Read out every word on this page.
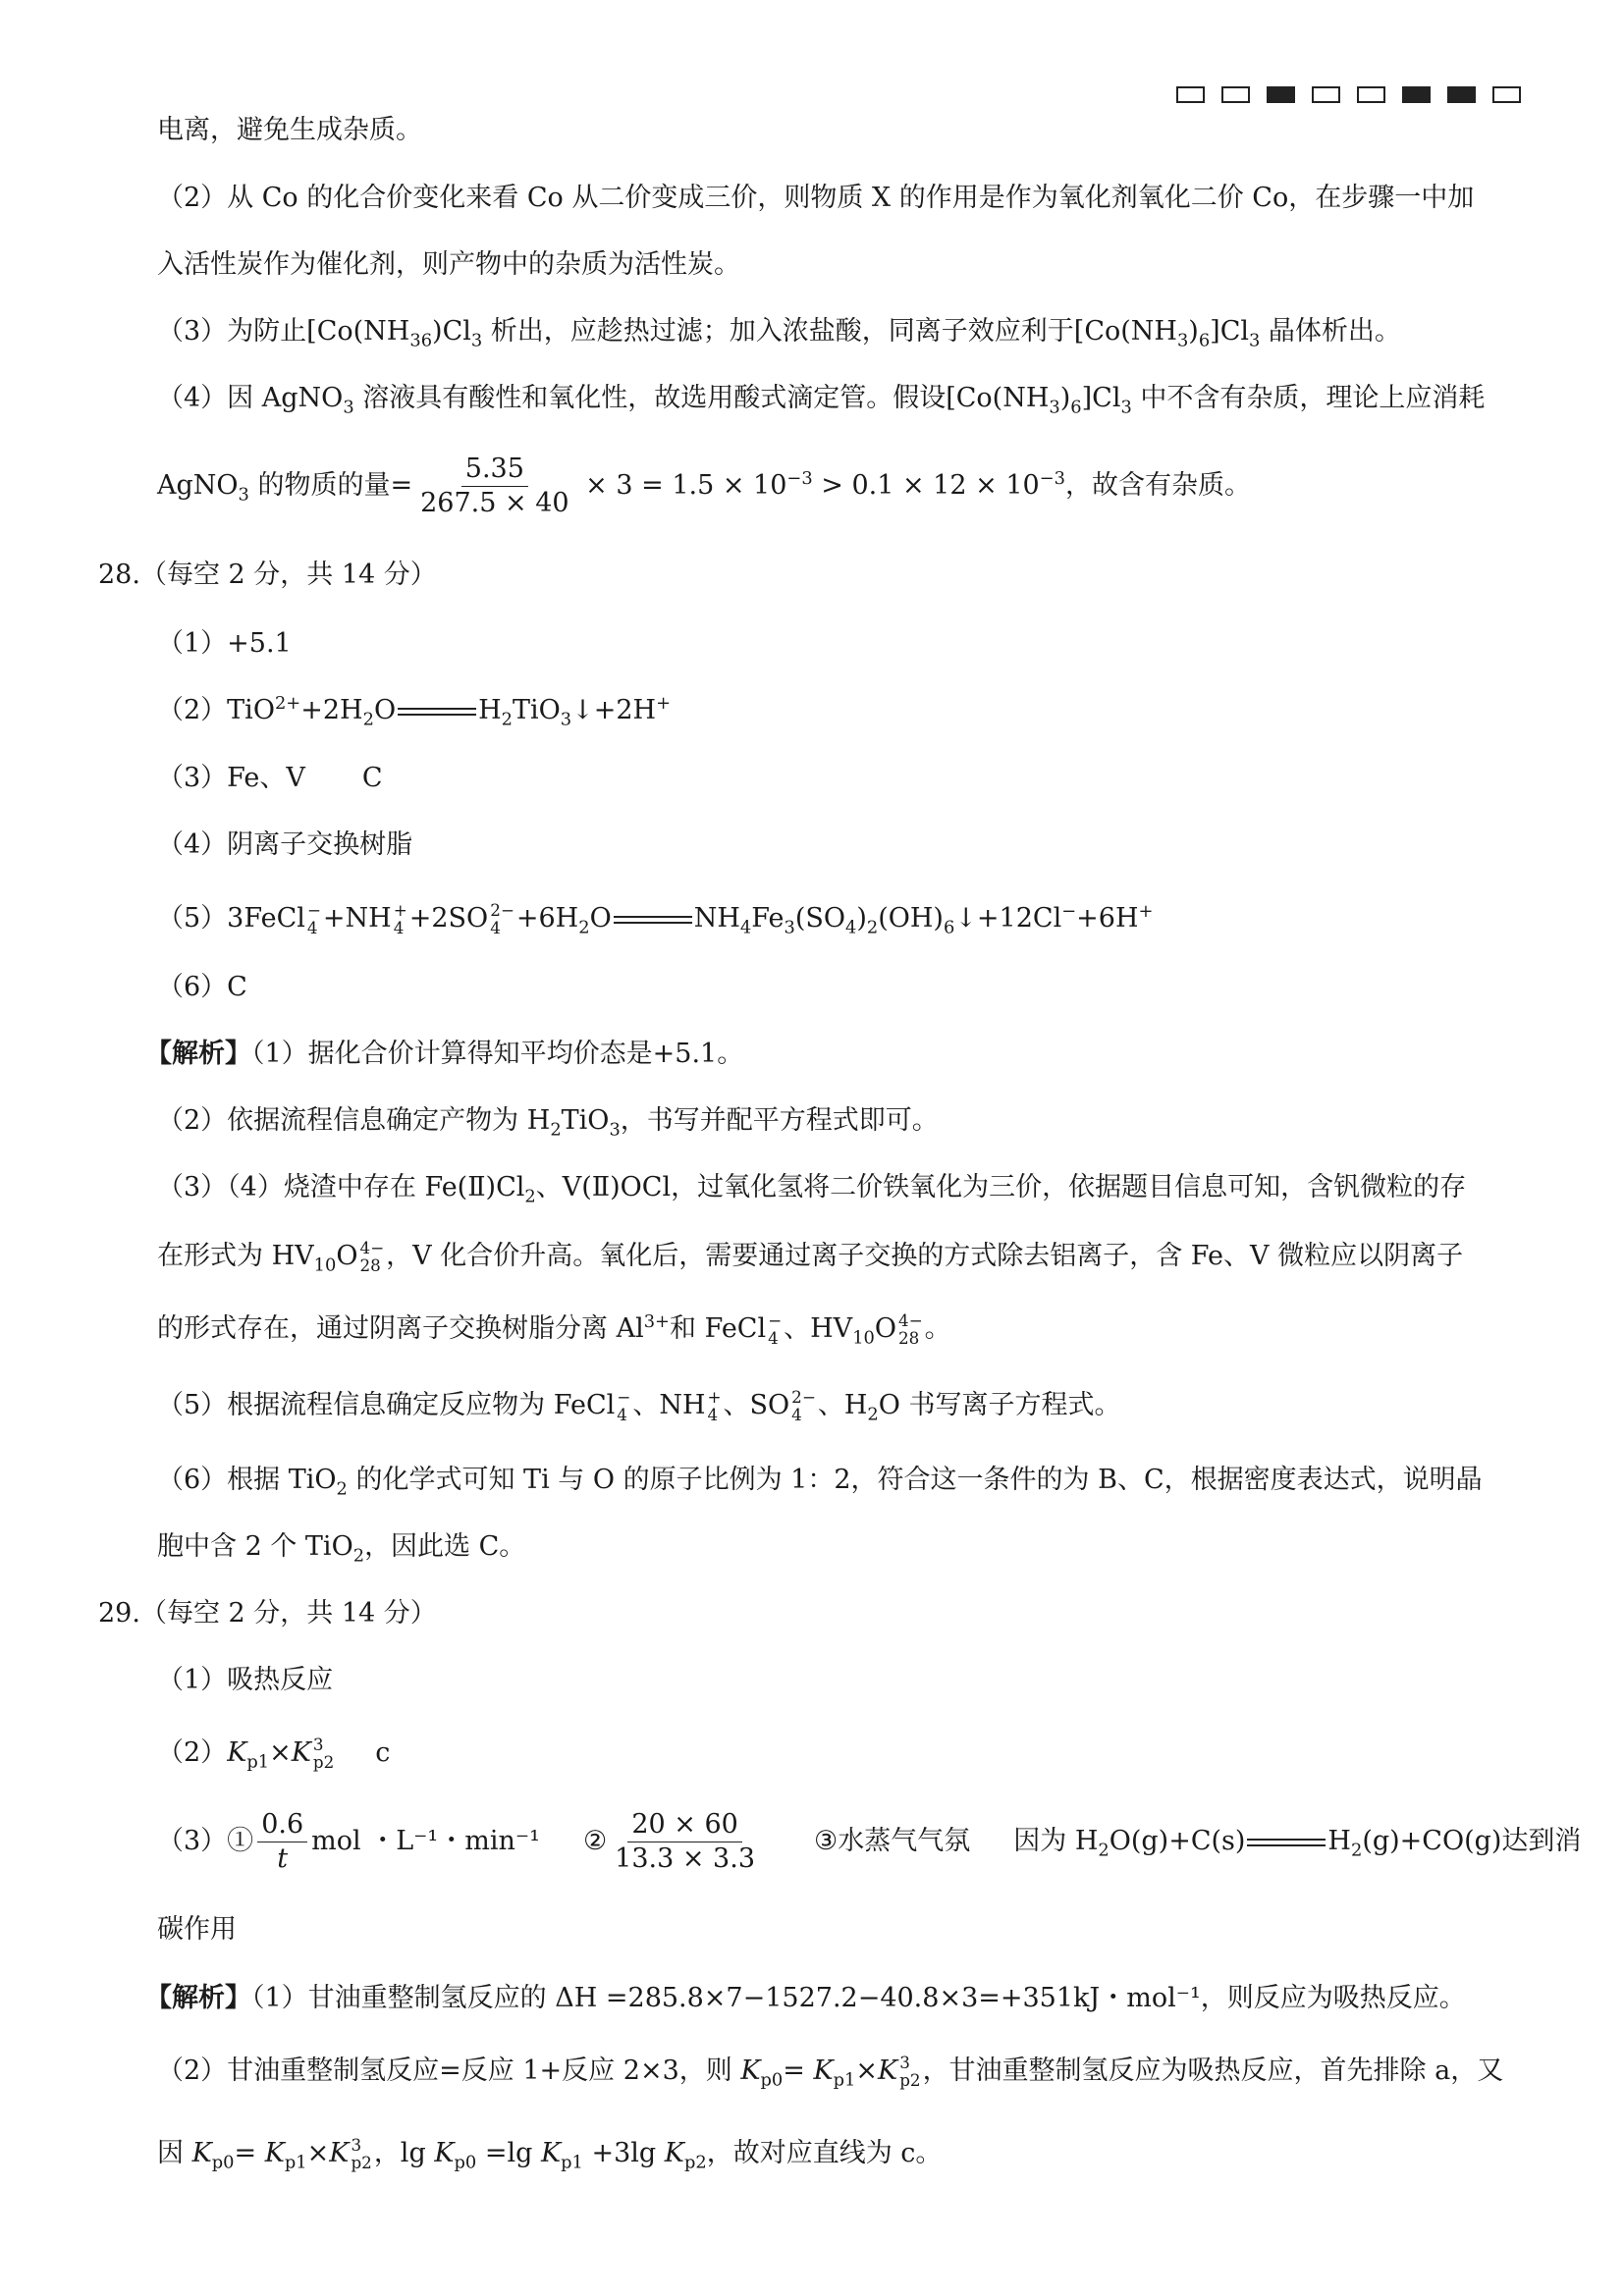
电离，避免生成杂质。
（2）从 Co 的化合价变化来看 Co 从二价变成三价，则物质 X 的作用是作为氧化剂氧化二价 Co，在步骤一中加
入活性炭作为催化剂，则产物中的杂质为活性炭。
（3）为防止[$Co(NH_{36})Cl_3$ 析出，应趁热过滤；加入浓盐酸，同离子效应利于$[Co(NH_3)_6]Cl_3$ 晶体析出。
（4）因 AgNO$_3$ 溶液具有酸性和氧化性，故选用酸式滴定管。假设$[Co(NH_3)_6]Cl_3$ 中不含有杂质，理论上应消耗
AgNO$_3$ 的物质的量= $\frac{5.35}{267.5 \times 40} \times 3 = 1.5 \times 10^{-3} > 0.1 \times 12 \times 10^{-3}$，故含有杂质。
28.（每空 2 分，共 14 分）
（1）+5.1
$(2)TiO^{2+}+2H_2O$	$H_2TiO_3↓+2H^+$
（3）Fe、V C
（4）阴离子交换树脂
（5）3FeCl −
4 +NH +
4 +2SO 2−
$4 +6H_2O$	$NH_4Fe_3(SO_4)_2(OH)_6↓+12Cl^-+6H^+$
（6）C
【解析】（1）据化合价计算得知平均价态是+5.1。
（2）依据流程信息确定产物为 $H_2TiO_3$，书写并配平方程式即可。
（3）（4）烧渣中存在 $Fe(Ⅱ)Cl_2$、V(Ⅱ)OCl，过氧化氢将二价铁氧化为三价，依据题目信息可知，含钒微粒的存
在形式为 $HV_{10}O$ 4−
28 ，V 化合价升高。氧化后，需要通过离子交换的方式除去铝离子，含 Fe、V 微粒应以阴离子
的形式存在，通过阴离子交换树脂分离 $Al^{3+}$和 FeCl −
4 、$HV_{10}O$ 4−
28 。
（5）根据流程信息确定反应物为 FeCl −
4 、NH +
4 、SO 2−
4 、$H_2O$ 书写离子方程式。
（6）根据 TiO$_2$ 的化学式可知 Ti 与 O 的原子比例为 1：2，符合这一条件的为 B、C，根据密度表达式，说明晶
胞中含 2 个 TiO$_2$，因此选 C。
29.（每空 2 分，共 14 分）
（1）吸热反应
$(2)K_{p1}\times K$ 3
p2 c
（3）① $\frac{0.6}{t}$ mol ・L⁻¹・min⁻¹ ② $\frac{20 \times 60}{13.3 \times 3.3}$ ③水蒸气气氛 因为 $H_2O(g)+C(s)$	$H_2(g)+CO(g)$达到消
碳作用
【解析】（1）甘油重整制氢反应的 ΔH =285.8×7−1527.2−40.8×3=+351kJ・mol⁻¹，则反应为吸热反应。
（2）甘油重整制氢反应=反应 1+反应 2×3，则 $K_{p0}= K_{p1}\times K$ 3
p2 ，甘油重整制氢反应为吸热反应，首先排除 a，又
因 $K_{p0}= K_{p1}\times K$ 3
p2 ，$\lg K_{p0} =\lg$ $K_{p1} +3\lg$ $K_{p2}$，故对应直线为 c。
